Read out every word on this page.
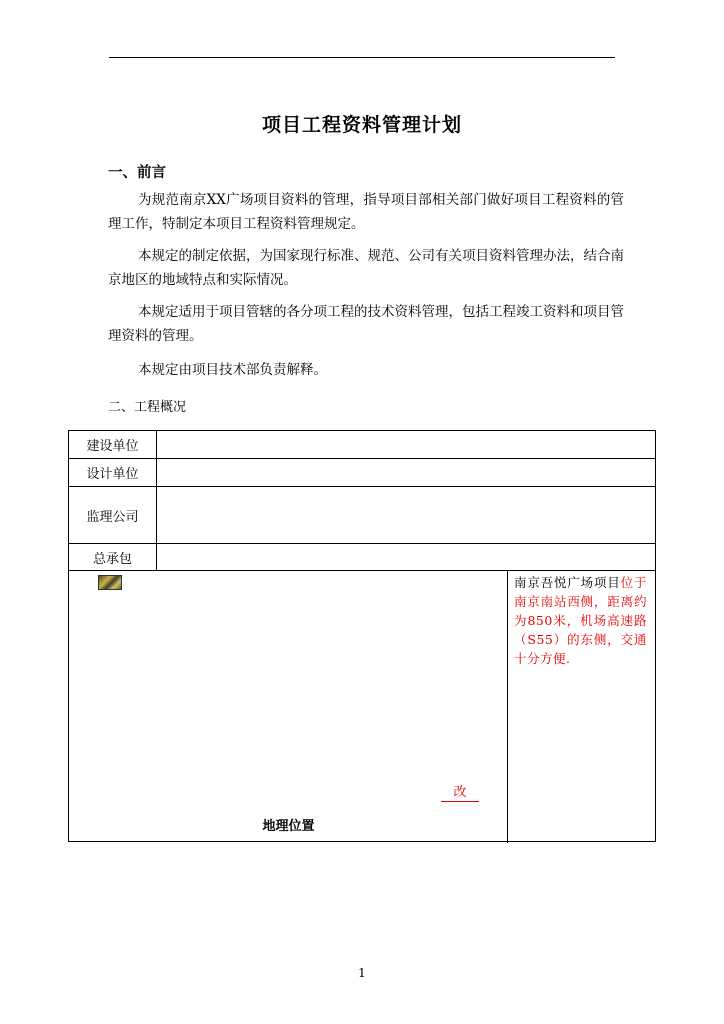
项目工程资料管理计划
一、前言
为规范南京XX广场项目资料的管理，指导项目部相关部门做好项目工程资料的管理工作，特制定本项目工程资料管理规定。
本规定的制定依据，为国家现行标准、规范、公司有关项目资料管理办法，结合南京地区的地域特点和实际情况。
本规定适用于项目管辖的各分项工程的技术资料管理，包括工程竣工资料和项目管理资料的管理。
本规定由项目技术部负责解释。
二、工程概况
建设单位
设计单位
监理公司
总承包
改
地理位置
南京吾悦广场项目位于南京南站西侧，距离约为850米，机场高速路（S55）的东侧，交通十分方便.
1
